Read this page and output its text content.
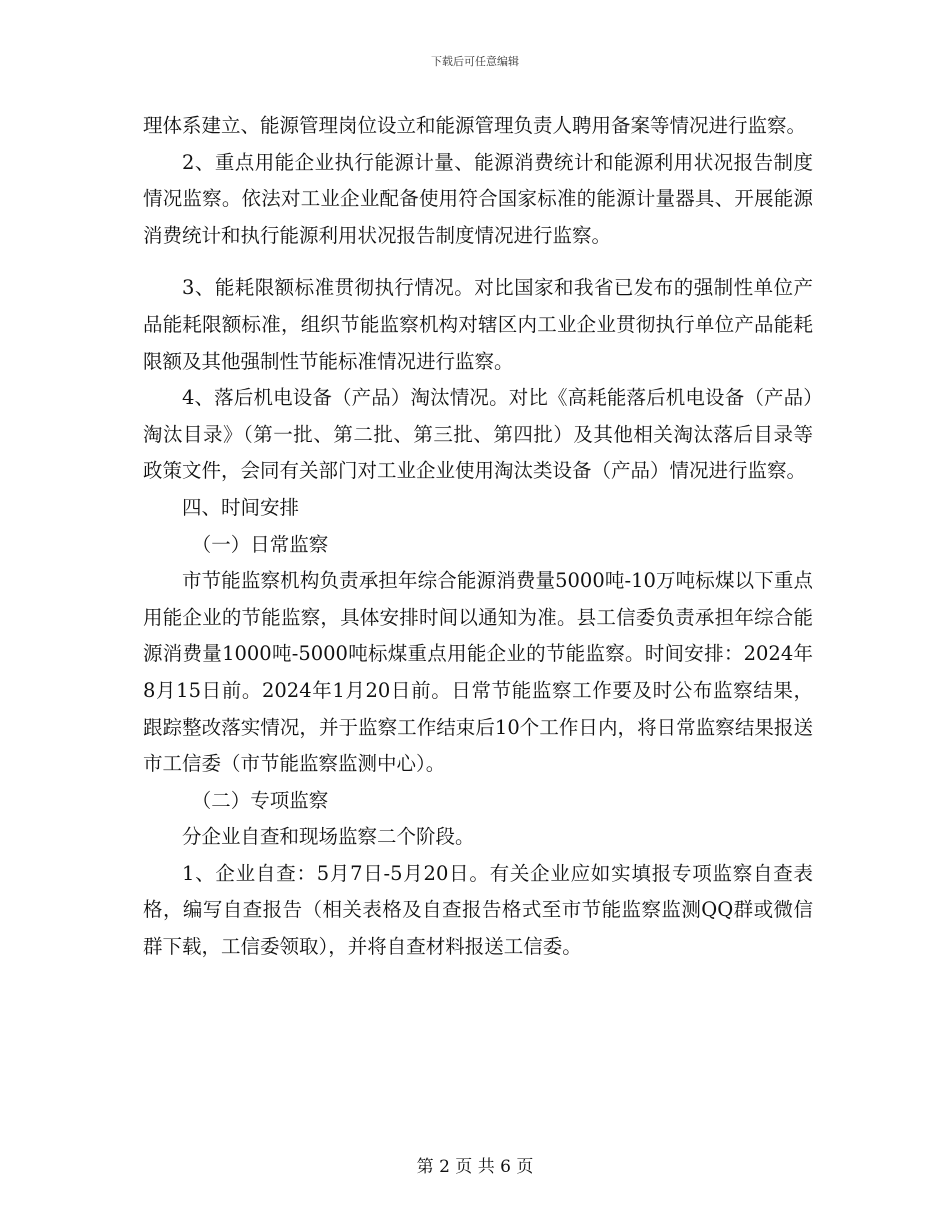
下载后可任意编辑

理体系建立、能源管理岗位设立和能源管理负责人聘用备案等情况进行监察。

2、重点用能企业执行能源计量、能源消费统计和能源利用状况报告制度情况监察。依法对工业企业配备使用符合国家标准的能源计量器具、开展能源消费统计和执行能源利用状况报告制度情况进行监察。

3、能耗限额标准贯彻执行情况。对比国家和我省已发布的强制性单位产品能耗限额标准，组织节能监察机构对辖区内工业企业贯彻执行单位产品能耗限额及其他强制性节能标准情况进行监察。

4、落后机电设备（产品）淘汰情况。对比《高耗能落后机电设备（产品）淘汰目录》（第一批、第二批、第三批、第四批）及其他相关淘汰落后目录等政策文件，会同有关部门对工业企业使用淘汰类设备（产品）情况进行监察。

四、时间安排

（一）日常监察

市节能监察机构负责承担年综合能源消费量5000吨-10万吨标煤以下重点用能企业的节能监察，具体安排时间以通知为准。县工信委负责承担年综合能源消费量1000吨-5000吨标煤重点用能企业的节能监察。时间安排：2024年8月15日前。2024年1月20日前。日常节能监察工作要及时公布监察结果，跟踪整改落实情况，并于监察工作结束后10个工作日内，将日常监察结果报送市工信委（市节能监察监测中心）。

（二）专项监察

分企业自查和现场监察二个阶段。

1、企业自查：5月7日-5月20日。有关企业应如实填报专项监察自查表格，编写自查报告（相关表格及自查报告格式至市节能监察监测QQ群或微信群下载，工信委领取），并将自查材料报送工信委。

第 2 页 共 6 页
